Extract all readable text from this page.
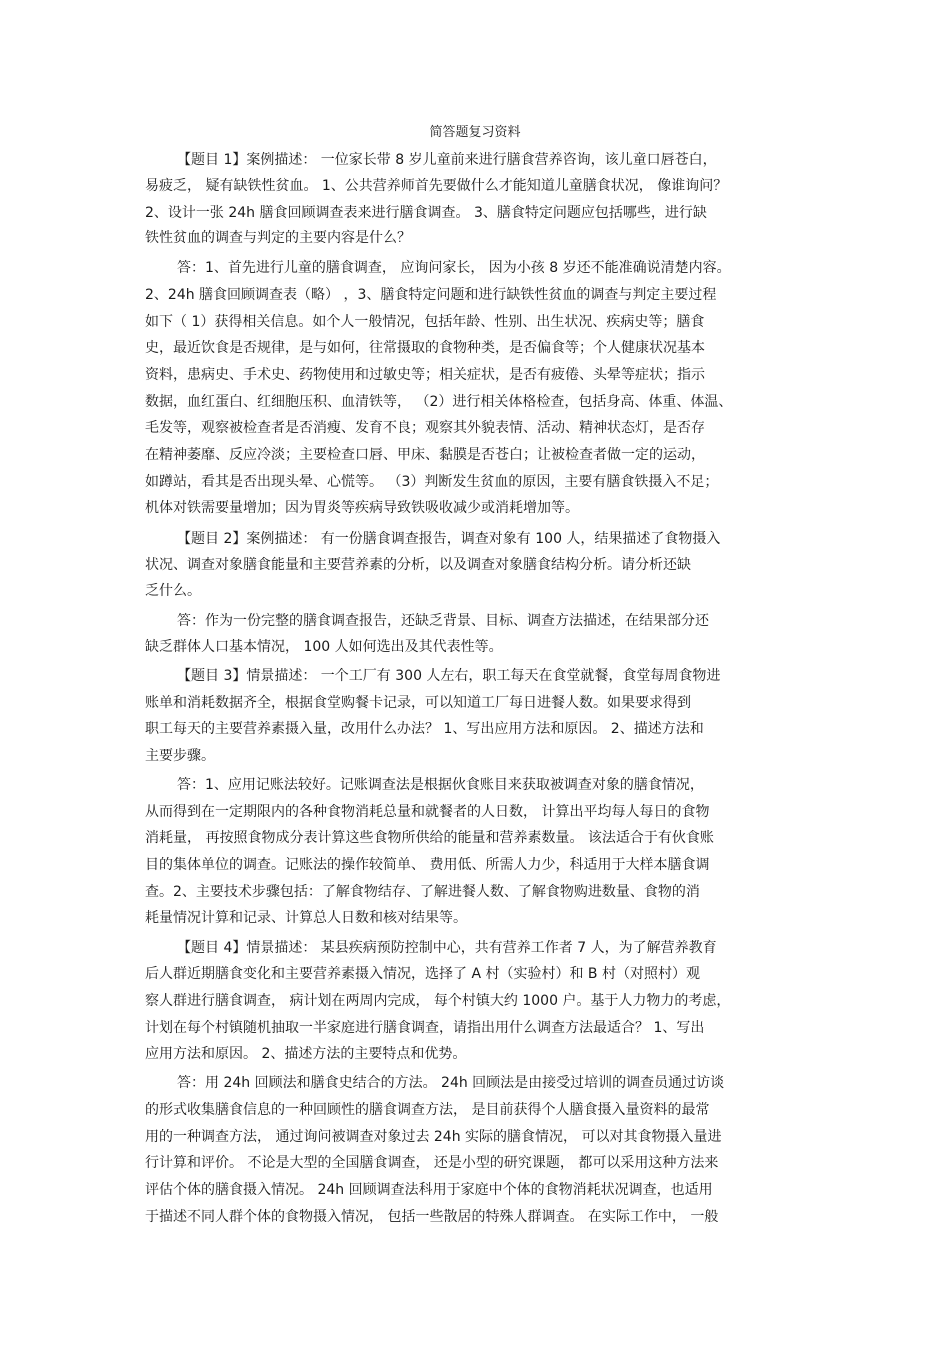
简答题复习资料
【题目 1】案例描述： 一位家长带 8 岁儿童前来进行膳食营养咨询，该儿童口唇苍白，
易疲乏， 疑有缺铁性贫血。 1、公共营养师首先要做什么才能知道儿童膳食状况， 像谁询问？
2、设计一张 24h 膳食回顾调查表来进行膳食调查。 3、膳食特定问题应包括哪些，进行缺
铁性贫血的调查与判定的主要内容是什么？
答：1、首先进行儿童的膳食调查， 应询问家长， 因为小孩 8 岁还不能准确说清楚内容。
2、24h 膳食回顾调查表（略） ，3、膳食特定问题和进行缺铁性贫血的调查与判定主要过程
如下（ 1）获得相关信息。如个人一般情况，包括年龄、性别、出生状况、疾病史等；膳食
史，最近饮食是否规律，是与如何，往常摄取的食物种类，是否偏食等；个人健康状况基本
资料，患病史、手术史、药物使用和过敏史等；相关症状，是否有疲倦、头晕等症状；指示
数据，血红蛋白、红细胞压积、血清铁等， （2）进行相关体格检查，包括身高、体重、体温、
毛发等，观察被检查者是否消瘦、发育不良；观察其外貌表情、活动、精神状态灯，是否存
在精神萎靡、反应冷淡；主要检查口唇、甲床、黏膜是否苍白；让被检查者做一定的运动，
如蹲站，看其是否出现头晕、心慌等。 （3）判断发生贫血的原因，主要有膳食铁摄入不足；
机体对铁需要量增加；因为胃炎等疾病导致铁吸收减少或消耗增加等。
【题目 2】案例描述： 有一份膳食调查报告，调查对象有 100 人，结果描述了食物摄入
状况、调查对象膳食能量和主要营养素的分析，以及调查对象膳食结构分析。请分析还缺
乏什么。
答：作为一份完整的膳食调查报告，还缺乏背景、目标、调查方法描述，在结果部分还
缺乏群体人口基本情况， 100 人如何选出及其代表性等。
【题目 3】情景描述： 一个工厂有 300 人左右，职工每天在食堂就餐，食堂每周食物进
账单和消耗数据齐全，根据食堂购餐卡记录，可以知道工厂每日进餐人数。如果要求得到
职工每天的主要营养素摄入量，改用什么办法？ 1、写出应用方法和原因。 2、描述方法和
主要步骤。
答：1、应用记账法较好。记账调查法是根据伙食账目来获取被调查对象的膳食情况，
从而得到在一定期限内的各种食物消耗总量和就餐者的人日数， 计算出平均每人每日的食物
消耗量， 再按照食物成分表计算这些食物所供给的能量和营养素数量。 该法适合于有伙食账
目的集体单位的调查。记账法的操作较简单、 费用低、所需人力少，科适用于大样本膳食调
查。2、主要技术步骤包括：了解食物结存、了解进餐人数、了解食物购进数量、食物的消
耗量情况计算和记录、计算总人日数和核对结果等。
【题目 4】情景描述： 某县疾病预防控制中心，共有营养工作者 7 人，为了解营养教育
后人群近期膳食变化和主要营养素摄入情况，选择了 A 村（实验村）和 B 村（对照村）观
察人群进行膳食调查， 病计划在两周内完成， 每个村镇大约 1000 户。基于人力物力的考虑，
计划在每个村镇随机抽取一半家庭进行膳食调查，请指出用什么调查方法最适合？ 1、写出
应用方法和原因。 2、描述方法的主要特点和优势。
答：用 24h 回顾法和膳食史结合的方法。 24h 回顾法是由接受过培训的调查员通过访谈
的形式收集膳食信息的一种回顾性的膳食调查方法， 是目前获得个人膳食摄入量资料的最常
用的一种调查方法， 通过询问被调查对象过去 24h 实际的膳食情况， 可以对其食物摄入量进
行计算和评价。 不论是大型的全国膳食调查， 还是小型的研究课题， 都可以采用这种方法来
评估个体的膳食摄入情况。 24h 回顾调查法科用于家庭中个体的食物消耗状况调查，也适用
于描述不同人群个体的食物摄入情况， 包括一些散居的特殊人群调查。 在实际工作中， 一般
